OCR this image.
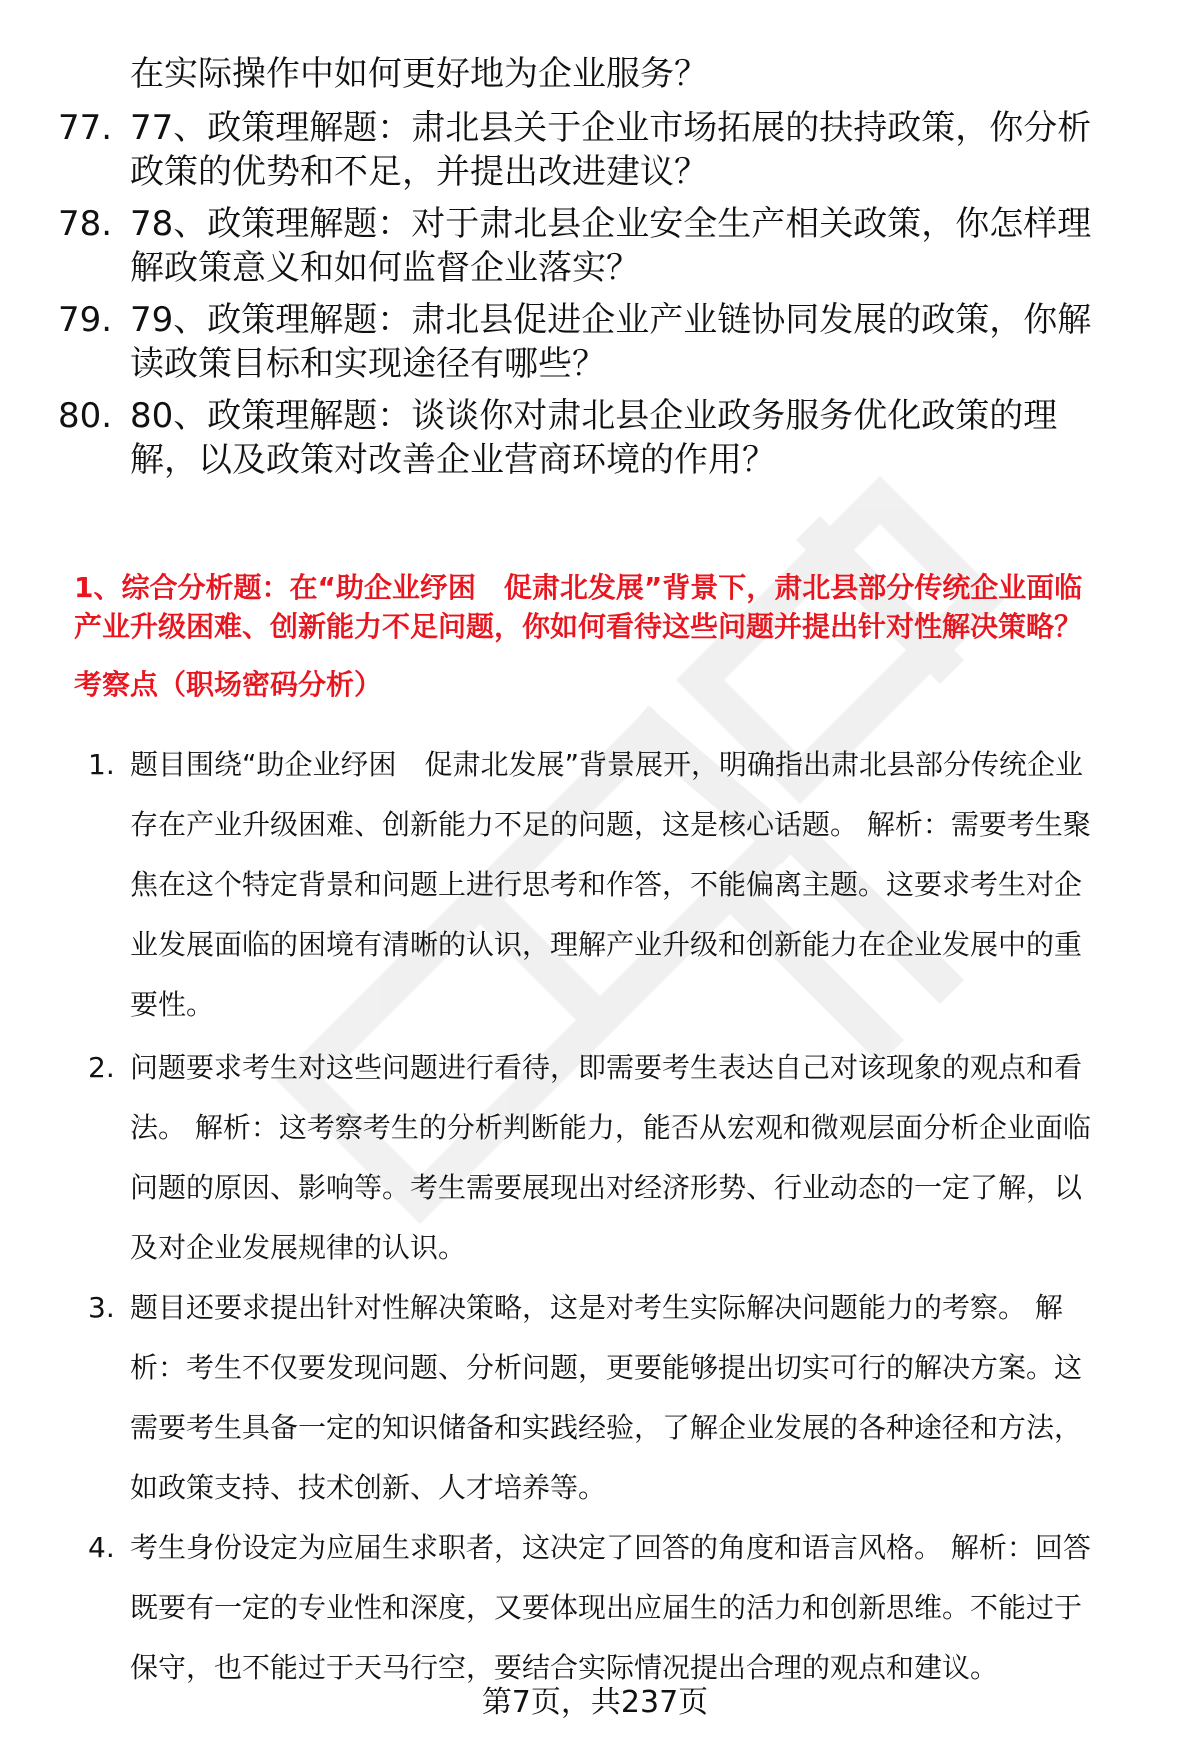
在实际操作中如何更好地为企业服务？
77. 77、政策理解题：肃北县关于企业市场拓展的扶持政策，你分析
政策的优势和不足，并提出改进建议？
78. 78、政策理解题：对于肃北县企业安全生产相关政策，你怎样理
解政策意义和如何监督企业落实？
79. 79、政策理解题：肃北县促进企业产业链协同发展的政策，你解
读政策目标和实现途径有哪些？
80. 80、政策理解题：谈谈你对肃北县企业政务服务优化政策的理
解，以及政策对改善企业营商环境的作用？
1、综合分析题：在“助企业纾困　促肃北发展”背景下，肃北县部分传统企业面临
产业升级困难、创新能力不足问题，你如何看待这些问题并提出针对性解决策略？
考察点（职场密码分析）
1. 题目围绕“助企业纾困　促肃北发展”背景展开，明确指出肃北县部分传统企业
存在产业升级困难、创新能力不足的问题，这是核心话题。 解析：需要考生聚
焦在这个特定背景和问题上进行思考和作答，不能偏离主题。这要求考生对企
业发展面临的困境有清晰的认识，理解产业升级和创新能力在企业发展中的重
要性。
2. 问题要求考生对这些问题进行看待，即需要考生表达自己对该现象的观点和看
法。 解析：这考察考生的分析判断能力，能否从宏观和微观层面分析企业面临
问题的原因、影响等。考生需要展现出对经济形势、行业动态的一定了解，以
及对企业发展规律的认识。
3. 题目还要求提出针对性解决策略，这是对考生实际解决问题能力的考察。 解
析：考生不仅要发现问题、分析问题，更要能够提出切实可行的解决方案。这
需要考生具备一定的知识储备和实践经验，了解企业发展的各种途径和方法，
如政策支持、技术创新、人才培养等。
4. 考生身份设定为应届生求职者，这决定了回答的角度和语言风格。 解析：回答
既要有一定的专业性和深度，又要体现出应届生的活力和创新思维。不能过于
保守，也不能过于天马行空，要结合实际情况提出合理的观点和建议。
第7页，共237页
